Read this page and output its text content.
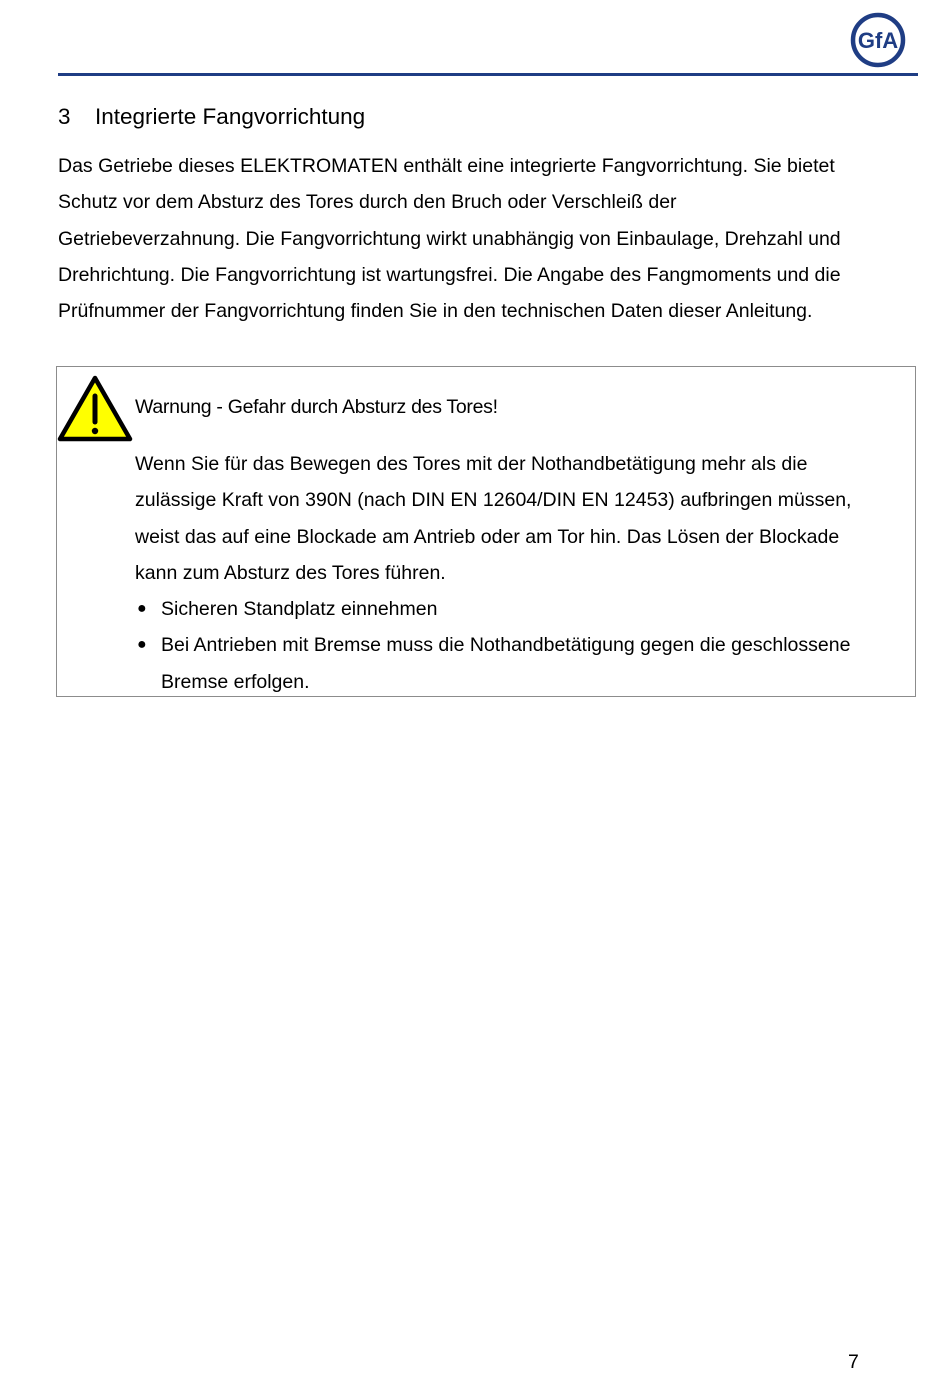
GfA
3 Integrierte Fangvorrichtung

Das Getriebe dieses ELEKTROMATEN enthält eine integrierte Fangvorrichtung. Sie bietet
Schutz vor dem Absturz des Tores durch den Bruch oder Verschleiß der
Getriebeverzahnung. Die Fangvorrichtung wirkt unabhängig von Einbaulage, Drehzahl und
Drehrichtung. Die Fangvorrichtung ist wartungsfrei. Die Angabe des Fangmoments und die
Prüfnummer der Fangvorrichtung finden Sie in den technischen Daten dieser Anleitung.

Warnung - Gefahr durch Absturz des Tores!

Wenn Sie für das Bewegen des Tores mit der Nothandbetätigung mehr als die
zulässige Kraft von 390N (nach DIN EN 12604/DIN EN 12453) aufbringen müssen,
weist das auf eine Blockade am Antrieb oder am Tor hin. Das Lösen der Blockade
kann zum Absturz des Tores führen.

● Sicheren Standplatz einnehmen
● Bei Antrieben mit Bremse muss die Nothandbetätigung gegen die geschlossene
Bremse erfolgen.
7
